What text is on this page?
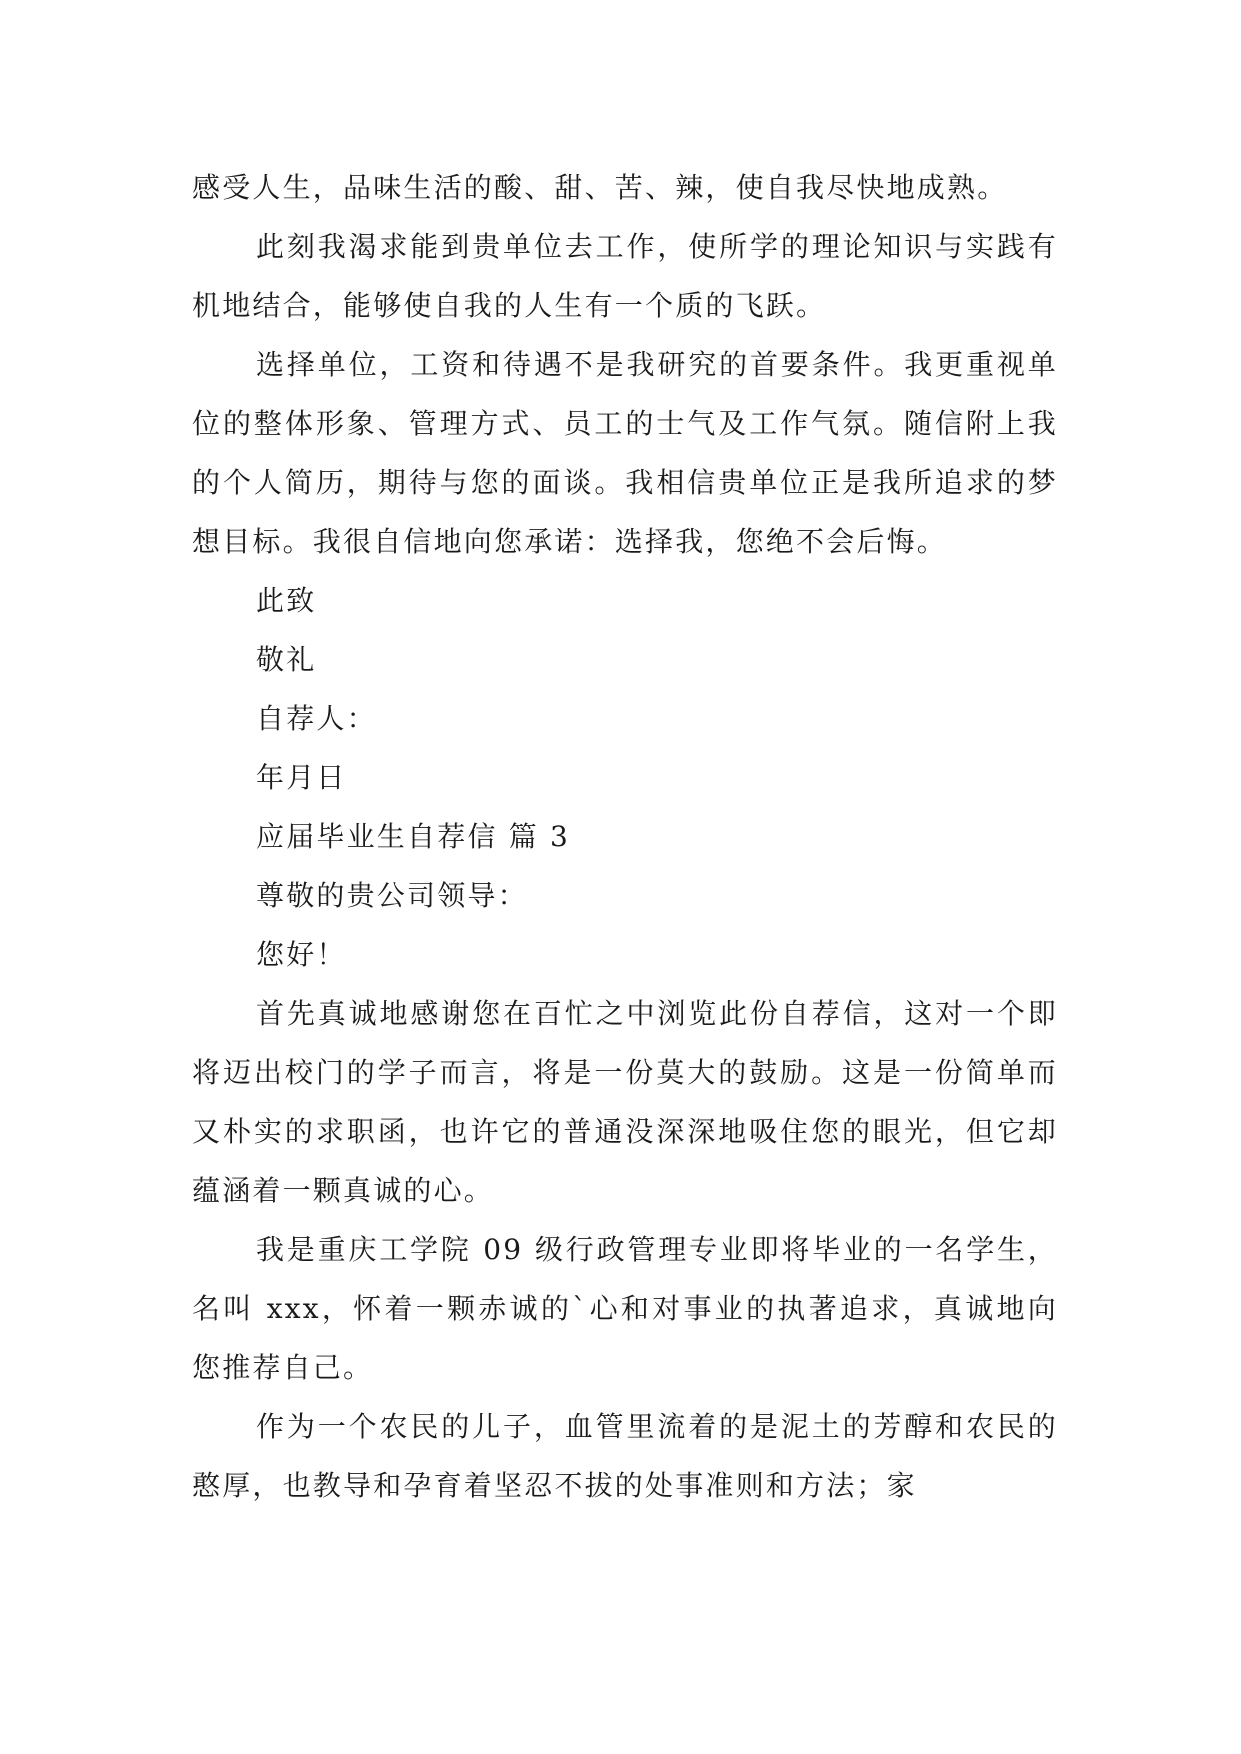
感受人生，品味生活的酸、甜、苦、辣，使自我尽快地成熟。

此刻我渴求能到贵单位去工作，使所学的理论知识与实践有机地结合，能够使自我的人生有一个质的飞跃。

选择单位，工资和待遇不是我研究的首要条件。我更重视单位的整体形象、管理方式、员工的士气及工作气氛。随信附上我的个人简历，期待与您的面谈。我相信贵单位正是我所追求的梦想目标。我很自信地向您承诺：选择我，您绝不会后悔。

此致

敬礼

自荐人：

年月日

应届毕业生自荐信 篇 3

尊敬的贵公司领导：

您好！

首先真诚地感谢您在百忙之中浏览此份自荐信，这对一个即将迈出校门的学子而言，将是一份莫大的鼓励。这是一份简单而又朴实的求职函，也许它的普通没深深地吸住您的眼光，但它却蕴涵着一颗真诚的心。

我是重庆工学院 09 级行政管理专业即将毕业的一名学生，名叫 xxx，怀着一颗赤诚的`心和对事业的执著追求，真诚地向您推荐自己。

作为一个农民的儿子，血管里流着的是泥土的芳醇和农民的憨厚，也教导和孕育着坚忍不拔的处事准则和方法；家
